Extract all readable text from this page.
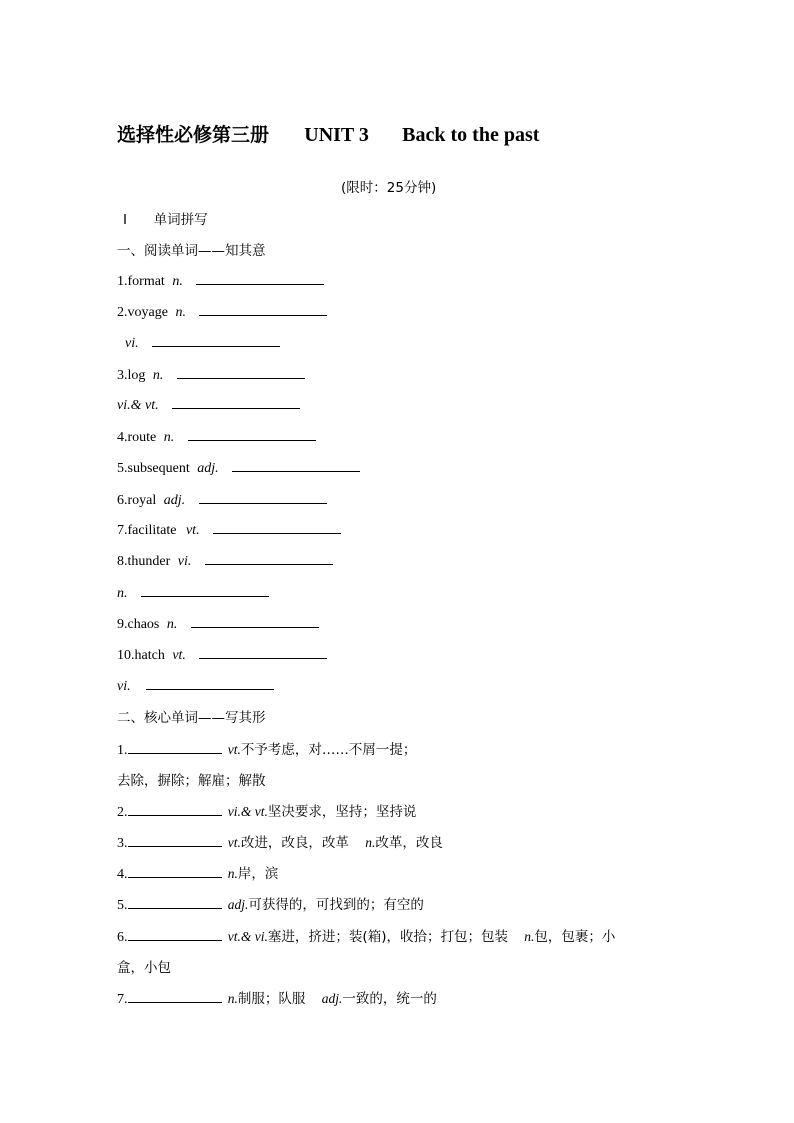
选择性必修第三册 UNIT 3 Back to the past
(限时：25分钟)
Ⅰ 单词拼写
一、阅读单词——知其意
1.format n.
2.voyage n.
vi.
3.log n.
vi.& vt.
4.route n.
5.subsequent adj.
6.royal adj.
7.facilitate vt.
8.thunder vi.
n.
9.chaos n.
10.hatch vt.
vi.
二、核心单词——写其形
1.	vt.不予考虑，对……不屑一提；
去除，摒除；解雇；解散
2.	vi.& vt.坚决要求，坚持；坚持说
3.	vt.改进，改良，改革 n.改革，改良
4.	n.岸，滨
5.	adj.可获得的，可找到的；有空的
6.	vt.& vi.塞进，挤进；装(箱)，收拾；打包；包装 n.包，包裹；小
盒，小包
7.	n.制服；队服 adj.一致的，统一的
